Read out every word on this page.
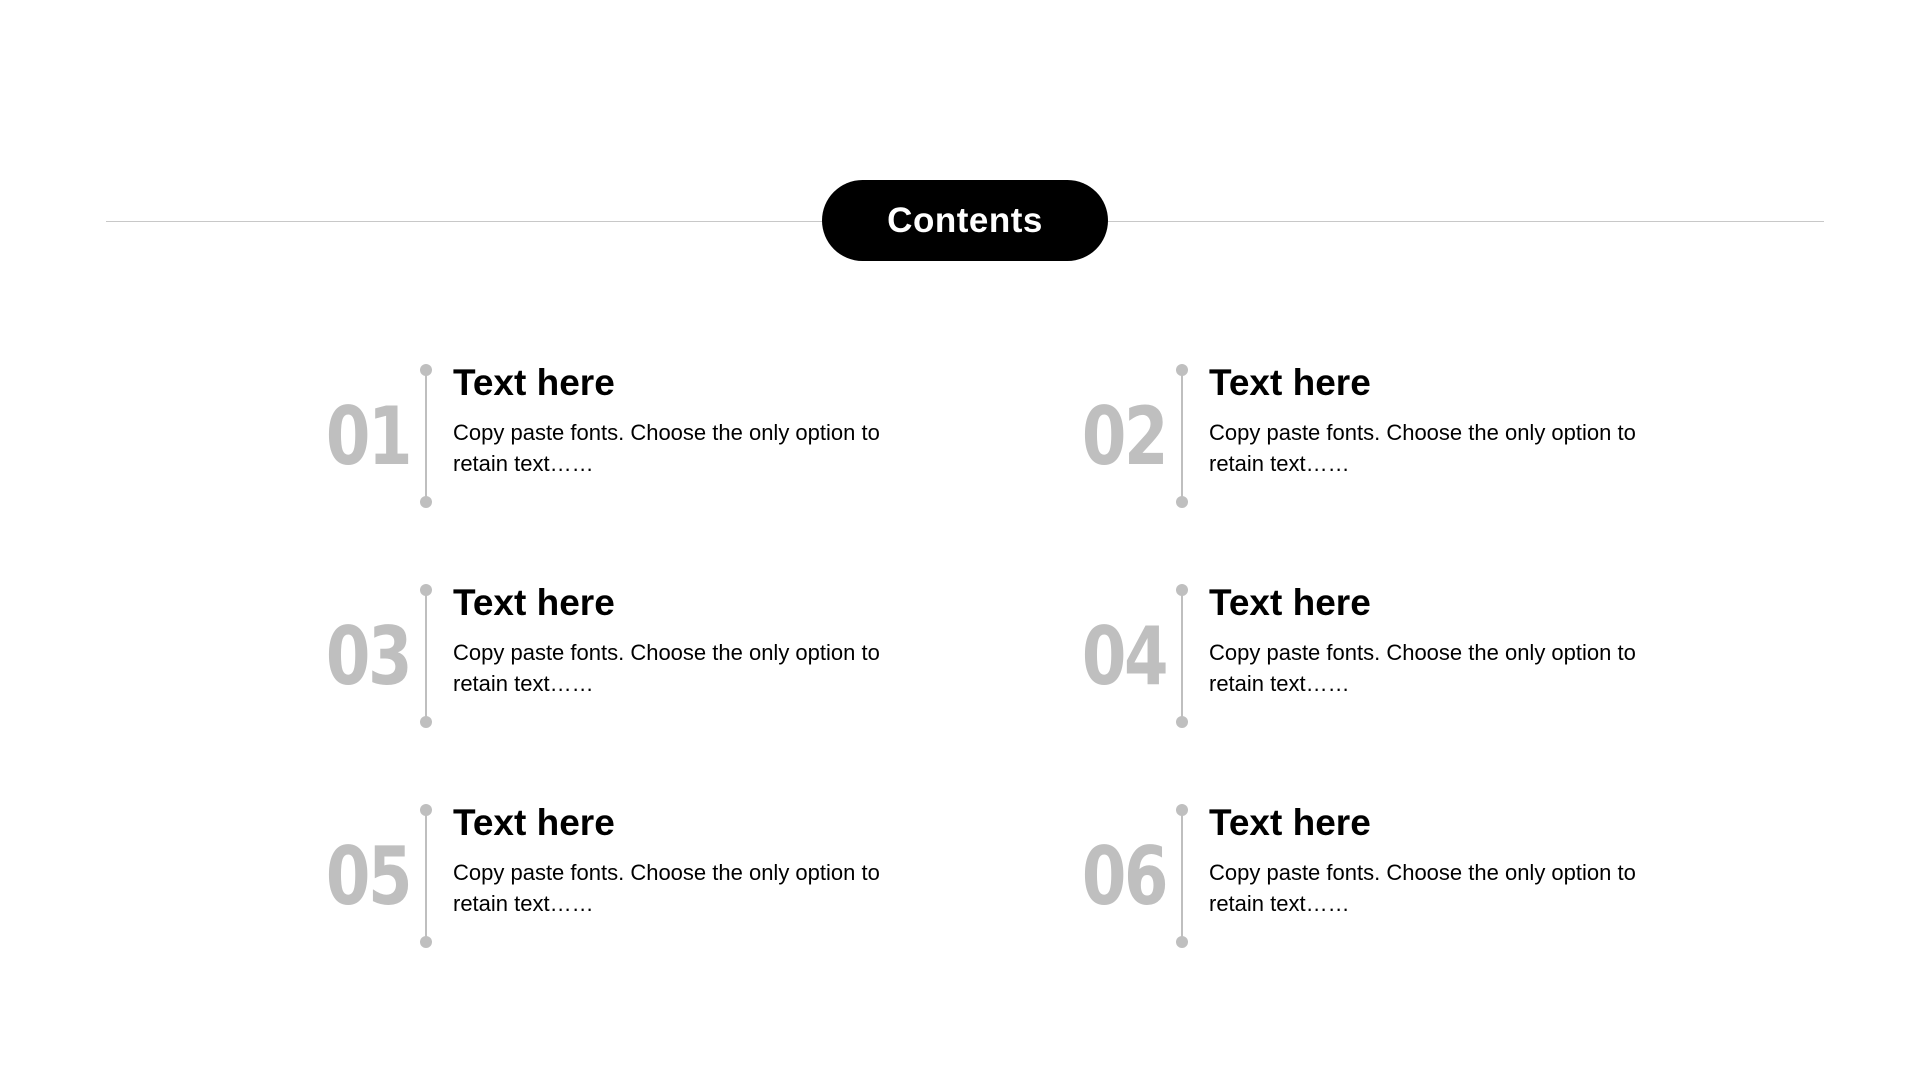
Contents
01
Text here
Copy paste fonts. Choose the only option to retain text……	02
Text here
Copy paste fonts. Choose the only option to retain text……
03
Text here
Copy paste fonts. Choose the only option to retain text……	04
Text here
Copy paste fonts. Choose the only option to retain text……
05
Text here
Copy paste fonts. Choose the only option to retain text……	06
Text here
Copy paste fonts. Choose the only option to retain text……
